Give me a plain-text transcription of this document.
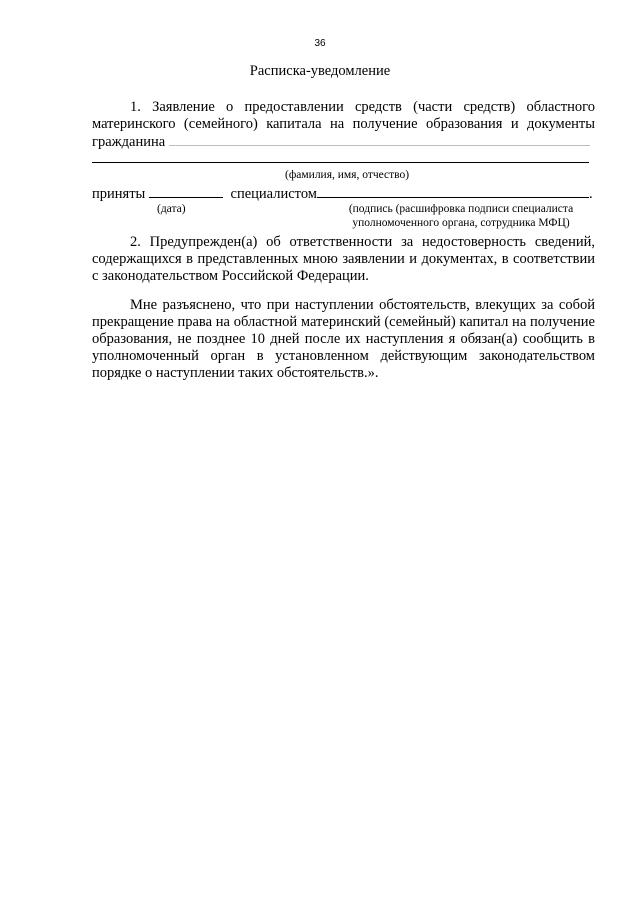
36
Расписка-уведомление
1. Заявление о предоставлении средств (части средств) областного
материнского (семейного) капитала на получение образования и документы
гражданина
(фамилия, имя, отчество)
приняты	специалистом	.
(дата)	(подпись (расшифровка подписи специалиста
уполномоченного органа, сотрудника МФЦ)
2. Предупрежден(а) об ответственности за недостоверность сведений, содержащихся в представленных мною заявлении и документах, в соответствии с законодательством Российской Федерации.
Мне разъяснено, что при наступлении обстоятельств, влекущих за собой прекращение права на областной материнский (семейный) капитал на получение образования, не позднее 10 дней после их наступления я обязан(а) сообщить в уполномоченный орган в установленном действующим законодательством порядке о наступлении таких обстоятельств.».
